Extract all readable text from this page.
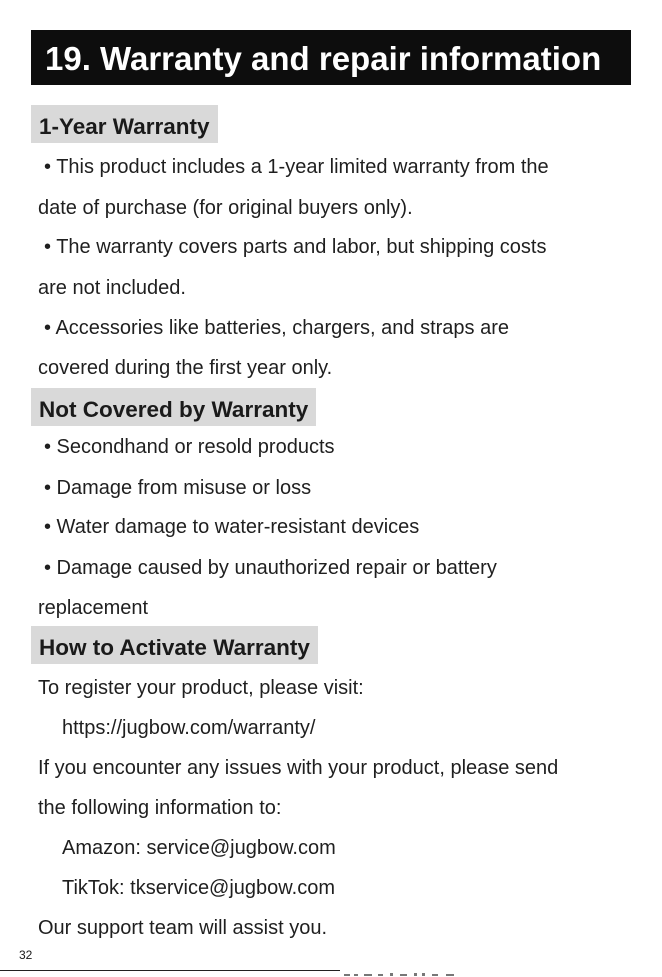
19. Warranty and repair information
1-Year Warranty
• This product includes a 1-year limited warranty from the
date of purchase (for original buyers only).
• The warranty covers parts and labor, but shipping costs
are not included.
• Accessories like batteries, chargers, and straps are
covered during the first year only.
Not Covered by Warranty
• Secondhand or resold products
• Damage from misuse or loss
• Water damage to water-resistant devices
• Damage caused by unauthorized repair or battery
replacement
How to Activate Warranty
To register your product, please visit:
https://jugbow.com/warranty/
If you encounter any issues with your product, please send
the following information to:
Amazon: service@jugbow.com
TikTok: tkservice@jugbow.com
Our support team will assist you.
32
